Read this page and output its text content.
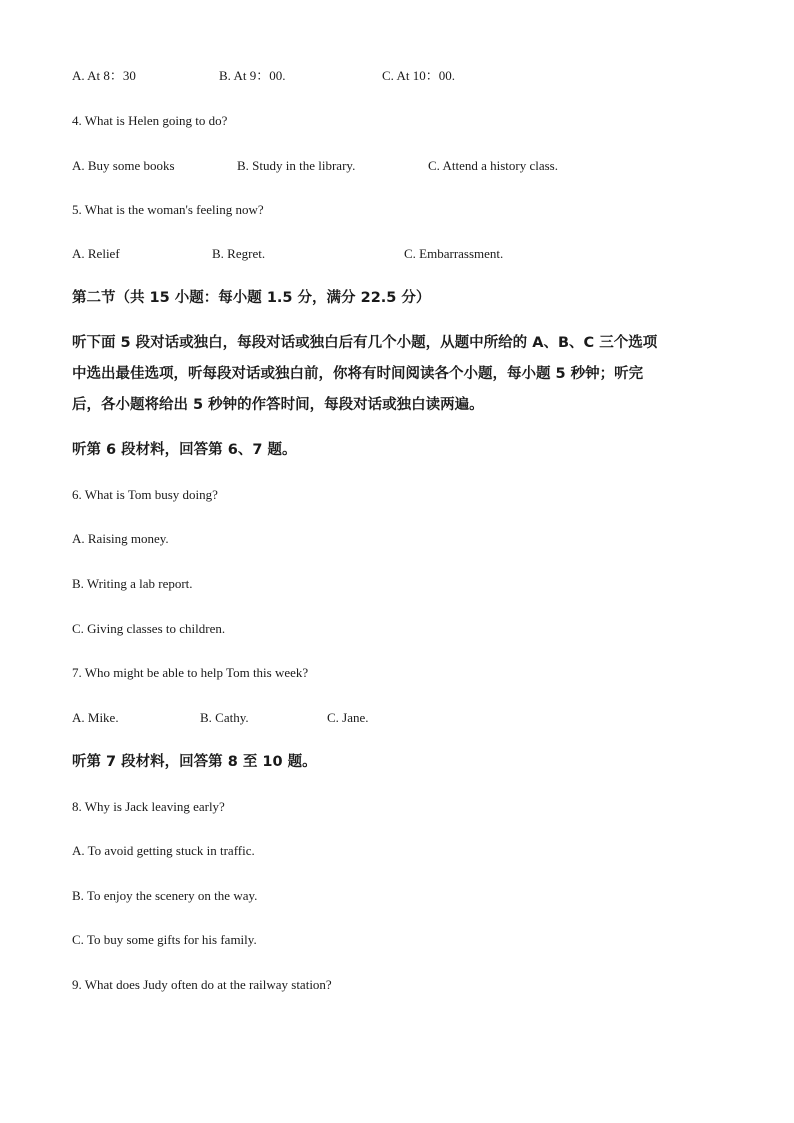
A. At 8：30	B. At 9：00.	C. At 10：00.
4. What is Helen going to do?
A. Buy some books	B. Study in the library.	C. Attend a history class.
5. What is the woman's feeling now?
A. Relief	B. Regret.	C. Embarrassment.
第二节（共 15 小题：每小题 1.5 分，满分 22.5 分）
听下面 5 段对话或独白，每段对话或独白后有几个小题，从题中所给的 A、B、C 三个选项
中选出最佳选项，听每段对话或独白前，你将有时间阅读各个小题，每小题 5 秒钟；听完
后，各小题将给出 5 秒钟的作答时间，每段对话或独白读两遍。
听第 6 段材料，回答第 6、7 题。
6. What is Tom busy doing?
A. Raising money.
B. Writing a lab report.
C. Giving classes to children.
7. Who might be able to help Tom this week?
A. Mike.	B. Cathy.	C. Jane.
听第 7 段材料，回答第 8 至 10 题。
8. Why is Jack leaving early?
A. To avoid getting stuck in traffic.
B. To enjoy the scenery on the way.
C. To buy some gifts for his family.
9. What does Judy often do at the railway station?
